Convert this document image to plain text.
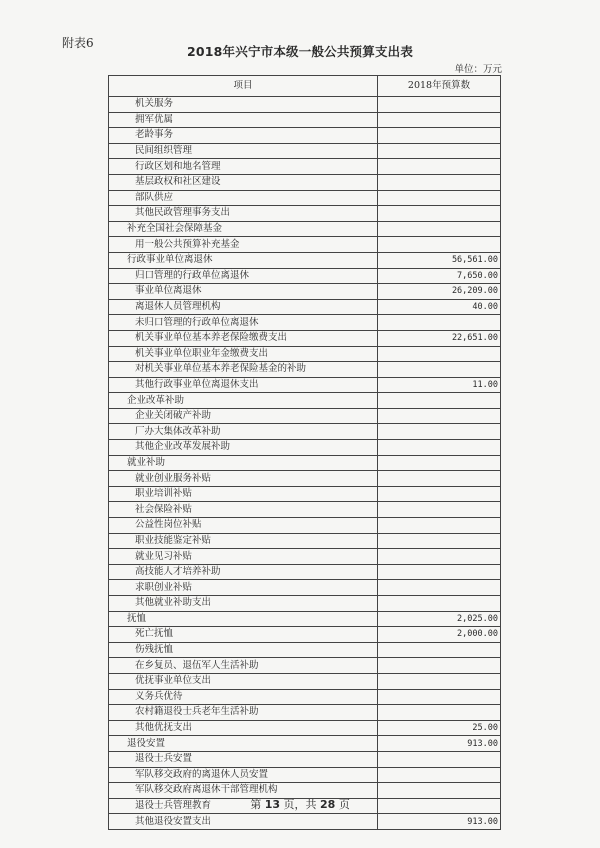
附表6
2018年兴宁市本级一般公共预算支出表
单位：万元
项目	2018年预算数
机关服务	
拥军优属	
老龄事务	
民间组织管理	
行政区划和地名管理	
基层政权和社区建设	
部队供应	
其他民政管理事务支出	
补充全国社会保障基金	
用一般公共预算补充基金	
行政事业单位离退休	56,561.00
归口管理的行政单位离退休	7,650.00
事业单位离退休	26,209.00
离退休人员管理机构	40.00
未归口管理的行政单位离退休	
机关事业单位基本养老保险缴费支出	22,651.00
机关事业单位职业年金缴费支出	
对机关事业单位基本养老保险基金的补助	
其他行政事业单位离退休支出	11.00
企业改革补助	
企业关闭破产补助	
厂办大集体改革补助	
其他企业改革发展补助	
就业补助	
就业创业服务补贴	
职业培训补贴	
社会保险补贴	
公益性岗位补贴	
职业技能鉴定补贴	
就业见习补贴	
高技能人才培养补助	
求职创业补贴	
其他就业补助支出	
抚恤	2,025.00
死亡抚恤	2,000.00
伤残抚恤	
在乡复员、退伍军人生活补助	
优抚事业单位支出	
义务兵优待	
农村籍退役士兵老年生活补助	
其他优抚支出	25.00
退役安置	913.00
退役士兵安置	
军队移交政府的离退休人员安置	
军队移交政府离退休干部管理机构	
退役士兵管理教育	
其他退役安置支出	913.00
第 13 页，共 28 页
